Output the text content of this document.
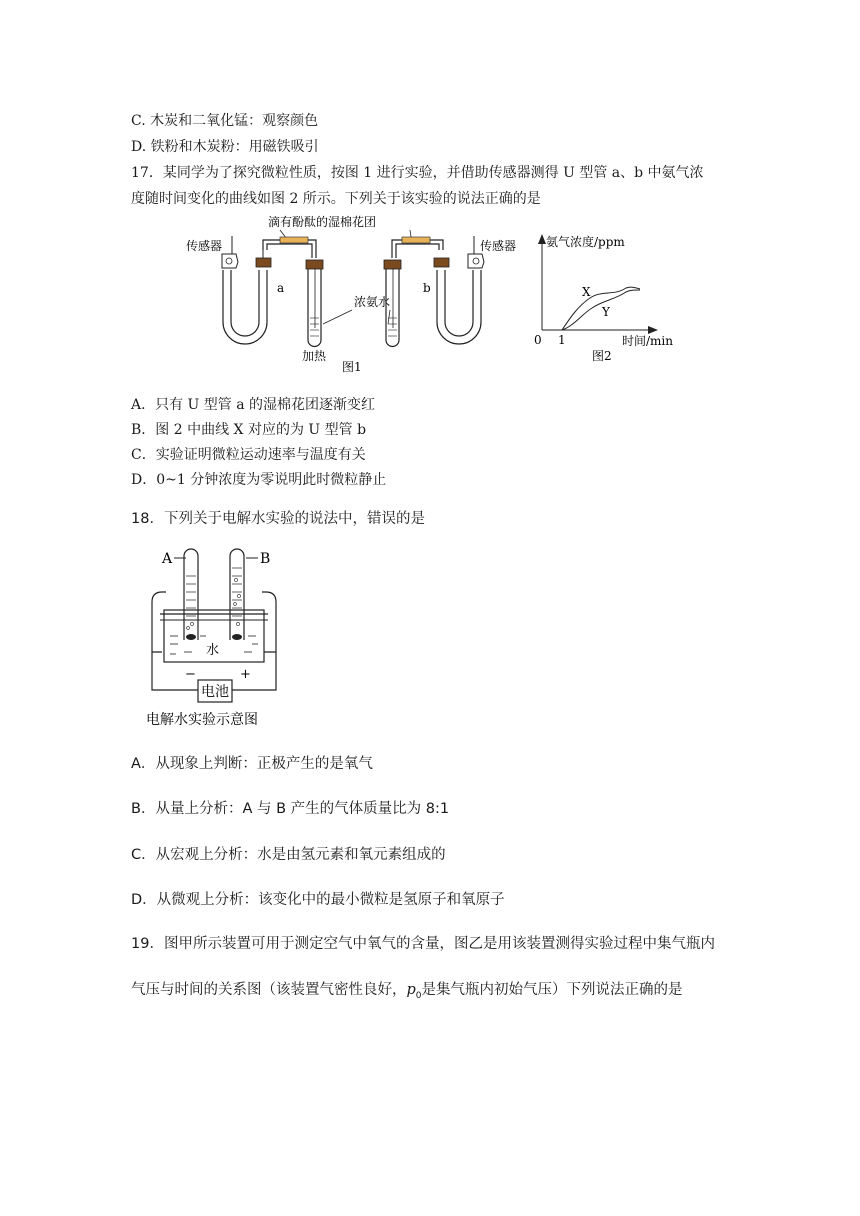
C. 木炭和二氧化锰：观察颜色
D. 铁粉和木炭粉：用磁铁吸引
17．某同学为了探究微粒性质，按图 1 进行实验，并借助传感器测得 U 型管 a、b 中氨气浓
度随时间变化的曲线如图 2 所示。下列关于该实验的说法正确的是
滴有酚酞的湿棉花团
传感器
a
加热
图1
浓氨水
b
传感器 氨气浓度/ppm
0 1	时间/min
图2
X
Y
A．只有 U 型管 a 的湿棉花团逐渐变红
B．图 2 中曲线 X 对应的为 U 型管 b
C．实验证明微粒运动速率与温度有关
D．0~1 分钟浓度为零说明此时微粒静止
18．下列关于电解水实验的说法中，错误的是
A	B
水
电池
−	+
电解水实验示意图
A．从现象上判断：正极产生的是氧气
B．从量上分析：A 与 B 产生的气体质量比为 8:1
C．从宏观上分析：水是由氢元素和氧元素组成的
D．从微观上分析：该变化中的最小微粒是氢原子和氧原子
19．图甲所示装置可用于测定空气中氧气的含量，图乙是用该装置测得实验过程中集气瓶内
气压与时间的关系图（该装置气密性良好，$p_0$是集气瓶内初始气压）下列说法正确的是
